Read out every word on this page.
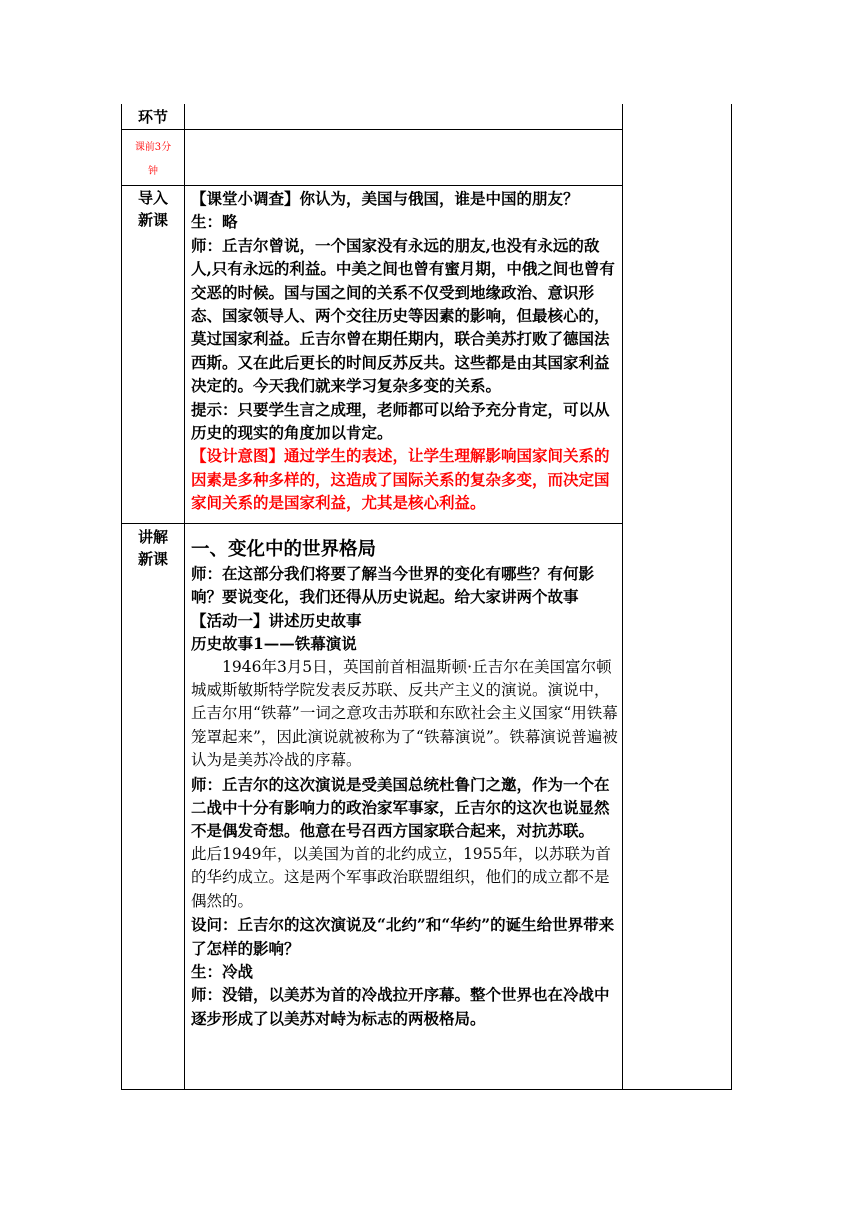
环节
课前3分钟
导入新课
讲解新课

【课堂小调查】你认为，美国与俄国，谁是中国的朋友？

生：略

师：丘吉尔曾说，一个国家没有永远的朋友,也没有永远的敌人,只有永远的利益。中美之间也曾有蜜月期，中俄之间也曾有交恶的时候。国与国之间的关系不仅受到地缘政治、意识形态、国家领导人、两个交往历史等因素的影响，但最核心的，莫过国家利益。丘吉尔曾在期任期内，联合美苏打败了德国法西斯。又在此后更长的时间反苏反共。这些都是由其国家利益决定的。今天我们就来学习复杂多变的关系。

提示：只要学生言之成理，老师都可以给予充分肯定，可以从历史的现实的角度加以肯定。

【设计意图】通过学生的表述，让学生理解影响国家间关系的因素是多种多样的，这造成了国际关系的复杂多变，而决定国家间关系的是国家利益，尤其是核心利益。

一、变化中的世界格局

师：在这部分我们将要了解当今世界的变化有哪些？有何影响？要说变化，我们还得从历史说起。给大家讲两个故事

【活动一】讲述历史故事

历史故事1——铁幕演说

1946年3月5日，英国前首相温斯顿·丘吉尔在美国富尔顿城威斯敏斯特学院发表反苏联、反共产主义的演说。演说中，丘吉尔用“铁幕”一词之意攻击苏联和东欧社会主义国家“用铁幕笼罩起来”，因此演说就被称为了“铁幕演说”。铁幕演说普遍被认为是美苏冷战的序幕。

师：丘吉尔的这次演说是受美国总统杜鲁门之邀，作为一个在二战中十分有影响力的政治家军事家，丘吉尔的这次也说显然不是偶发奇想。他意在号召西方国家联合起来，对抗苏联。

此后1949年，以美国为首的北约成立，1955年，以苏联为首的华约成立。这是两个军事政治联盟组织，他们的成立都不是偶然的。

设问：丘吉尔的这次演说及“北约”和“华约”的诞生给世界带来了怎样的影响？

生：冷战

师：没错，以美苏为首的冷战拉开序幕。整个世界也在冷战中逐步形成了以美苏对峙为标志的两极格局。
